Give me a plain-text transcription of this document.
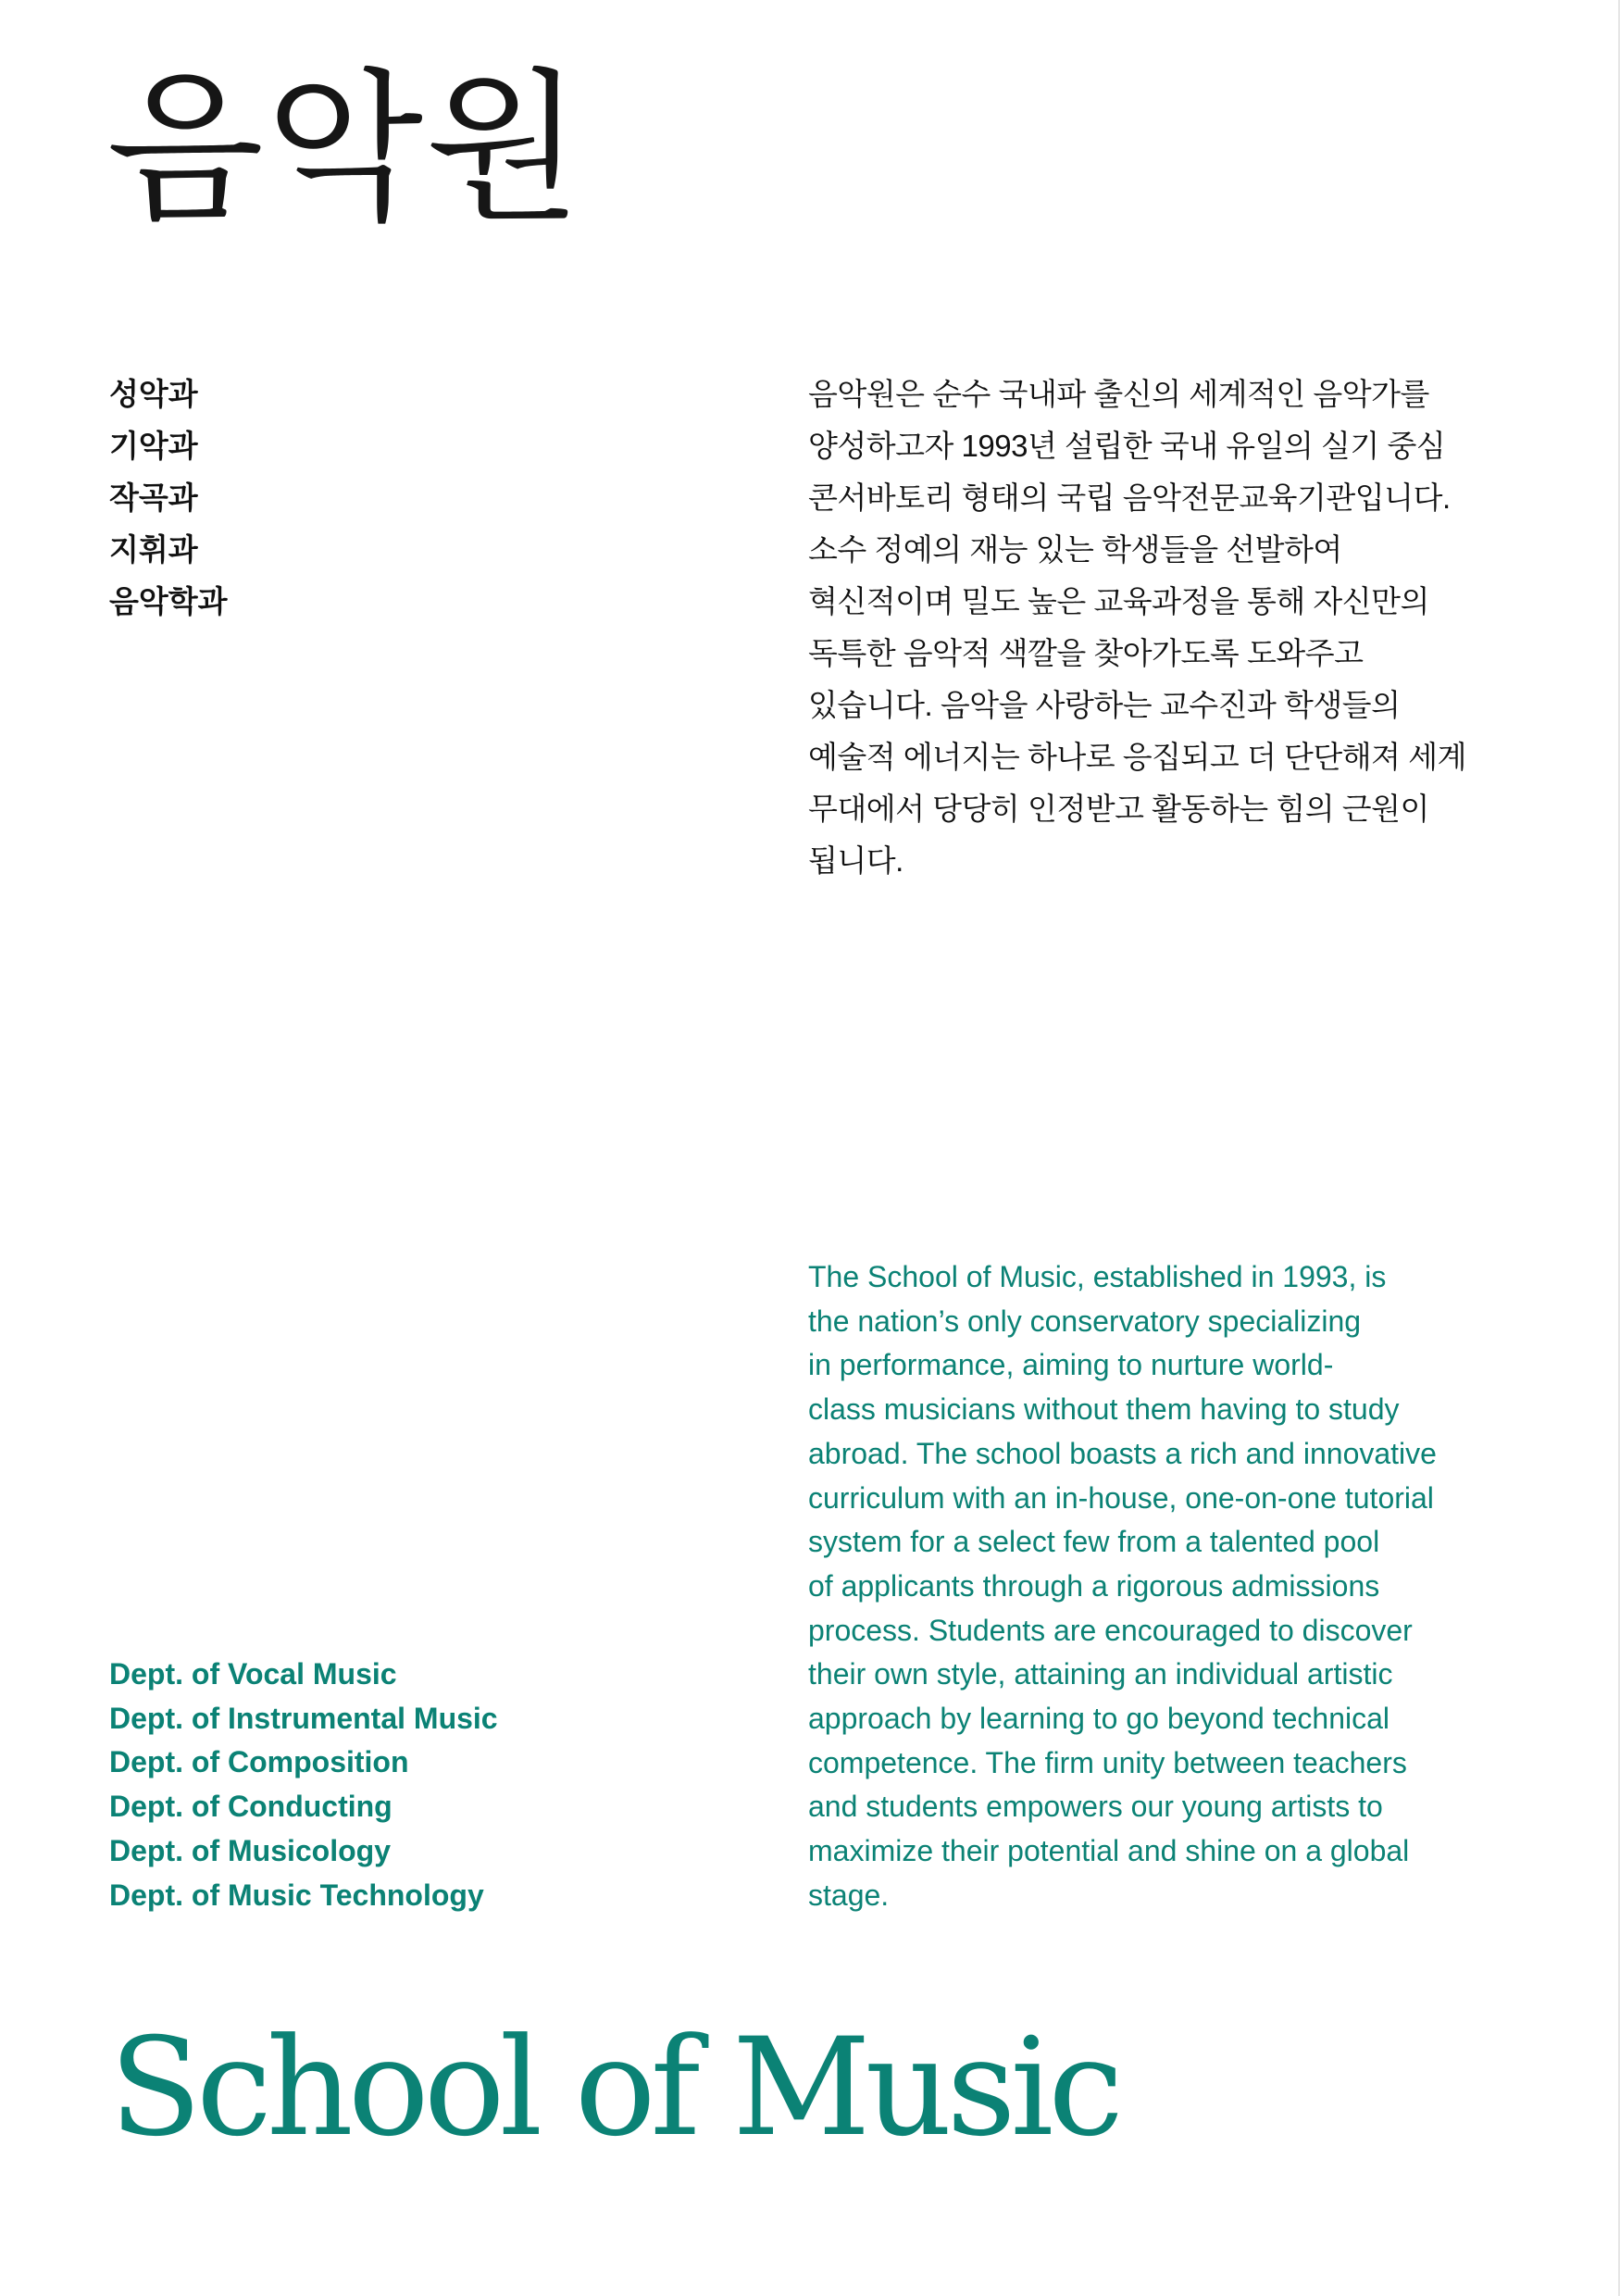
음악원
성악과
기악과
작곡과
지휘과
음악학과

음악원은 순수 국내파 출신의 세계적인 음악가를
양성하고자 1993년 설립한 국내 유일의 실기 중심
콘서바토리 형태의 국립 음악전문교육기관입니다.
소수 정예의 재능 있는 학생들을 선발하여
혁신적이며 밀도 높은 교육과정을 통해 자신만의
독특한 음악적 색깔을 찾아가도록 도와주고
있습니다. 음악을 사랑하는 교수진과 학생들의
예술적 에너지는 하나로 응집되고 더 단단해져 세계
무대에서 당당히 인정받고 활동하는 힘의 근원이
됩니다.

The School of Music, established in 1993, is
the nation’s only conservatory specializing
in performance, aiming to nurture world-
class musicians without them having to study
abroad. The school boasts a rich and innovative
curriculum with an in-house, one-on-one tutorial
system for a select few from a talented pool
of applicants through a rigorous admissions
process. Students are encouraged to discover
their own style, attaining an individual artistic
approach by learning to go beyond technical
competence. The firm unity between teachers
and students empowers our young artists to
maximize their potential and shine on a global
stage.

Dept. of Vocal Music
Dept. of Instrumental Music
Dept. of Composition
Dept. of Conducting
Dept. of Musicology
Dept. of Music Technology
School of Music
